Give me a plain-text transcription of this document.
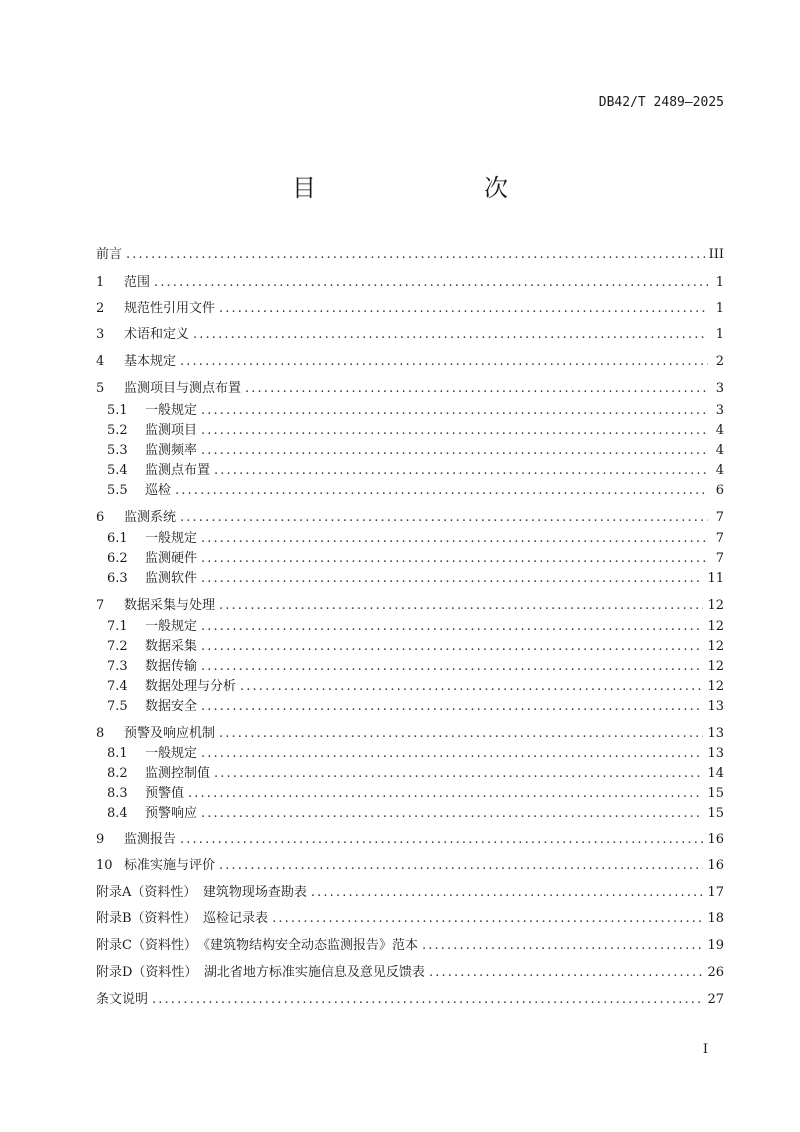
DB42/T 2489—2025
目　　次
前言 . . .	III
1	范围 . . .	1
2	规范性引用文件 . . .	1
3	术语和定义 . . .	1
4	基本规定 . . .	2
5	监测项目与测点布置 . . .	3
5.1	一般规定 . . .	3
5.2	监测项目 . . .	4
5.3	监测频率 . . .	4
5.4	监测点布置 . . .	4
5.5	巡检 . . .	6
6	监测系统 . . .	7
6.1	一般规定 . . .	7
6.2	监测硬件 . . .	7
6.3	监测软件 . . .	11
7	数据采集与处理 . . .	12
7.1	一般规定 . . .	12
7.2	数据采集 . . .	12
7.3	数据传输 . . .	12
7.4	数据处理与分析 . . .	12
7.5	数据安全 . . .	13
8	预警及响应机制 . . .	13
8.1	一般规定 . . .	13
8.2	监测控制值 . . .	14
8.3	预警值 . . .	15
8.4	预警响应 . . .	15
9	监测报告 . . .	16
10 标准实施与评价 . . .	16
附录A（资料性）　建筑物现场查勘表 . . .	17
附录B（资料性）　巡检记录表 . . .	18
附录C（资料性）　《建筑物结构安全动态监测报告》范本 . . .	19
附录D（资料性）　湖北省地方标准实施信息及意见反馈表 . . .	26
条文说明 . . .	27
I
